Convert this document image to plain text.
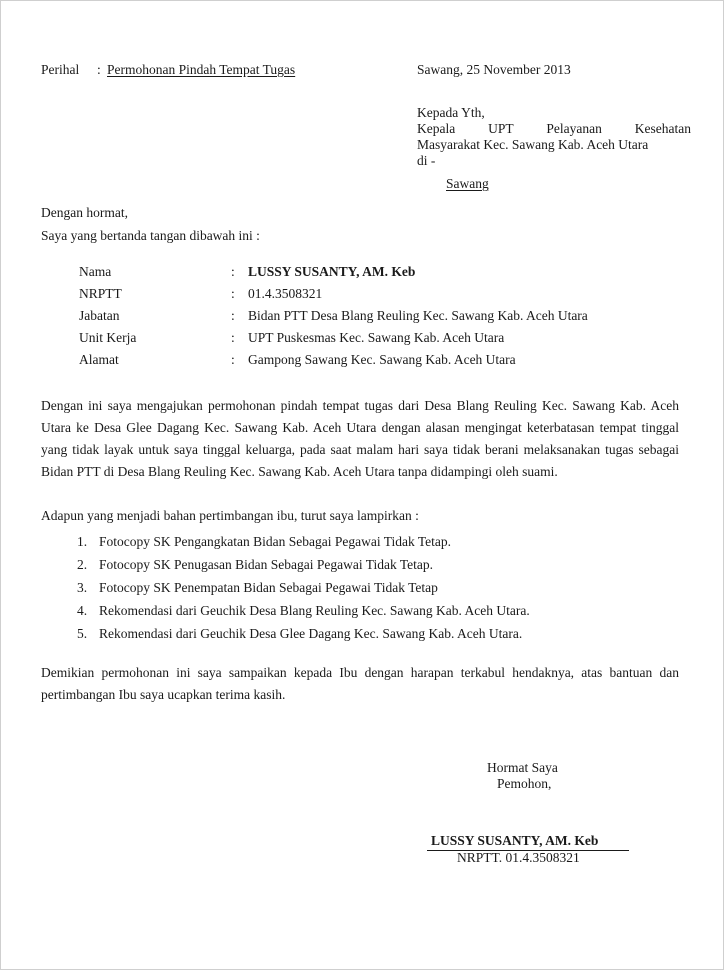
Perihal : Permohonan Pindah Tempat Tugas	Sawang, 25 November 2013
Kepada Yth,
Kepala UPT Pelayanan Kesehatan
Masyarakat Kec. Sawang Kab. Aceh Utara
di -
Sawang
Dengan hormat,
Saya yang bertanda tangan dibawah ini :
Nama	: LUSSY SUSANTY, AM. Keb
NRPTT	: 01.4.3508321
Jabatan	: Bidan PTT Desa Blang Reuling Kec. Sawang Kab. Aceh Utara
Unit Kerja	: UPT Puskesmas Kec. Sawang Kab. Aceh Utara
Alamat	: Gampong Sawang Kec. Sawang Kab. Aceh Utara
Dengan ini saya mengajukan permohonan pindah tempat tugas dari Desa Blang Reuling Kec. Sawang Kab. Aceh Utara ke Desa Glee Dagang Kec. Sawang Kab. Aceh Utara dengan alasan mengingat keterbatasan tempat tinggal yang tidak layak untuk saya tinggal keluarga, pada saat malam hari saya tidak berani melaksanakan tugas sebagai Bidan PTT di Desa Blang Reuling Kec. Sawang Kab. Aceh Utara tanpa didampingi oleh suami.
Adapun yang menjadi bahan pertimbangan ibu, turut saya lampirkan :
1. Fotocopy SK Pengangkatan Bidan Sebagai Pegawai Tidak Tetap.
2. Fotocopy SK Penugasan Bidan Sebagai Pegawai Tidak Tetap.
3. Fotocopy SK Penempatan Bidan Sebagai Pegawai Tidak Tetap
4. Rekomendasi dari Geuchik Desa Blang Reuling Kec. Sawang Kab. Aceh Utara.
5. Rekomendasi dari Geuchik Desa Glee Dagang Kec. Sawang Kab. Aceh Utara.
Demikian permohonan ini saya sampaikan kepada Ibu dengan harapan terkabul hendaknya, atas bantuan dan pertimbangan Ibu saya ucapkan terima kasih.
Hormat Saya
Pemohon,
LUSSY SUSANTY, AM. Keb
NRPTT. 01.4.3508321
